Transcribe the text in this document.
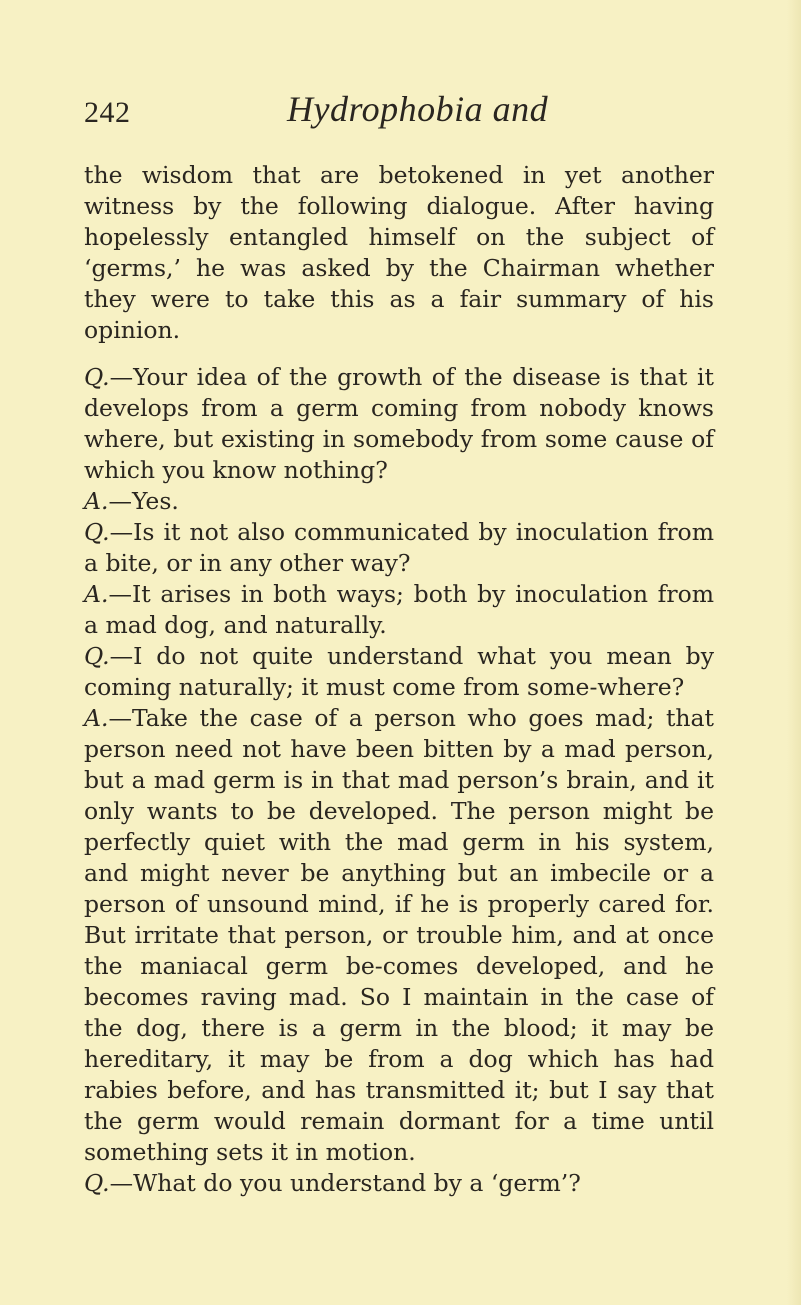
242	Hydrophobia and

the wisdom that are betokened in yet another witness by the following dialogue. After having hopelessly entangled himself on the subject of ‘germs,’ he was asked by the Chairman whether they were to take this as a fair summary of his opinion.

Q.—Your idea of the growth of the disease is that it develops from a germ coming from nobody knows where, but existing in somebody from some cause of which you know nothing?

A.—Yes.

Q.—Is it not also communicated by inoculation from a bite, or in any other way?

A.—It arises in both ways; both by inoculation from a mad dog, and naturally.

Q.—I do not quite understand what you mean by coming naturally; it must come from some-where?

A.—Take the case of a person who goes mad; that person need not have been bitten by a mad person, but a mad germ is in that mad person’s brain, and it only wants to be developed. The person might be perfectly quiet with the mad germ in his system, and might never be anything but an imbecile or a person of unsound mind, if he is properly cared for. But irritate that person, or trouble him, and at once the maniacal germ be-comes developed, and he becomes raving mad. So I maintain in the case of the dog, there is a germ in the blood; it may be hereditary, it may be from a dog which has had rabies before, and has transmitted it; but I say that the germ would remain dormant for a time until something sets it in motion.

Q.—What do you understand by a ‘germ’?
